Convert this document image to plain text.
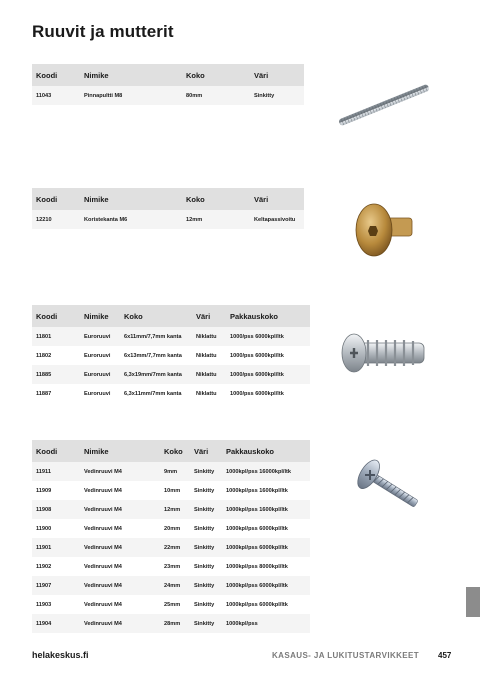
Ruuvit ja mutterit
Koodi	Nimike	Koko	Väri
11043	Pinnapultti M8	80mm	Sinkitty
Koodi	Nimike	Koko	Väri
12210	Koristekanta M6	12mm	Keltapassivoitu
Koodi	Nimike	Koko	Väri	Pakkauskoko
11801	Euroruuvi	6x11mm/7,7mm kanta	Niklattu	1000/pss 6000kpl/ltk
11802	Euroruuvi	6x13mm/7,7mm kanta	Niklattu	1000/pss 6000kpl/ltk
11885	Euroruuvi	6,3x19mm/7mm kanta	Niklattu	1000/pss 6000kpl/ltk
11887	Euroruuvi	6,3x11mm/7mm kanta	Niklattu	1000/pss 6000kpl/ltk
Koodi	Nimike	Koko	Väri	Pakkauskoko
11911	Vedinruuvi M4	9mm	Sinkitty	1000kpl/pss 16000kpl/ltk
11909	Vedinruuvi M4	10mm	Sinkitty	1000kpl/pss 1600kpl/ltk
11908	Vedinruuvi M4	12mm	Sinkitty	1000kpl/pss 1600kpl/ltk
11900	Vedinruuvi M4	20mm	Sinkitty	1000kpl/pss 6000kpl/ltk
11901	Vedinruuvi M4	22mm	Sinkitty	1000kpl/pss 6000kpl/ltk
11902	Vedinruuvi M4	23mm	Sinkitty	1000kpl/pss 8000kpl/ltk
11907	Vedinruuvi M4	24mm	Sinkitty	1000kpl/pss 6000kpl/ltk
11903	Vedinruuvi M4	25mm	Sinkitty	1000kpl/pss 6000kpl/ltk
11904	Vedinruuvi M4	28mm	Sinkitty	1000kpl/pss
helakeskus.fi	KASAUS- JA LUKITUSTARVIKKEET 457
